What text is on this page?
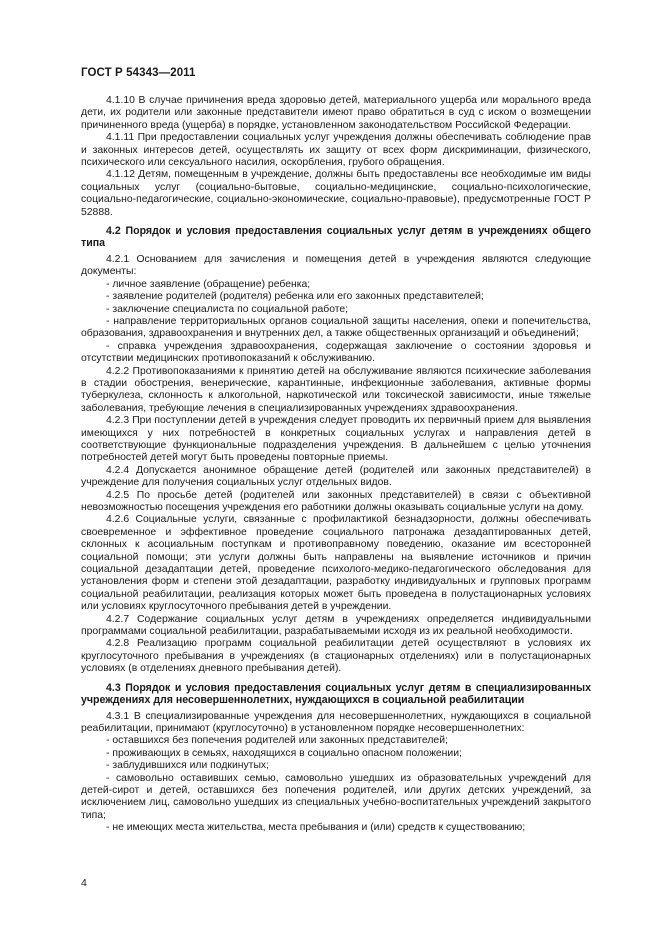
ГОСТ Р 54343—2011

4.1.10 В случае причинения вреда здоровью детей, материального ущерба или морального вреда дети, их родители или законные представители имеют право обратиться в суд с иском о возмещении причиненного вреда (ущерба) в порядке, установленном законодательством Российской Федерации.

4.1.11 При предоставлении социальных услуг учреждения должны обеспечивать соблюдение прав и законных интересов детей, осуществлять их защиту от всех форм дискриминации, физического, психического или сексуального насилия, оскорбления, грубого обращения.

4.1.12 Детям, помещенным в учреждение, должны быть предоставлены все необходимые им виды социальных услуг (социально-бытовые, социально-медицинские, социально-психологические, социально-педагогические, социально-экономические, социально-правовые), предусмотренные ГОСТ Р 52888.

4.2 Порядок и условия предоставления социальных услуг детям в учреждениях общего типа

4.2.1 Основанием для зачисления и помещения детей в учреждения являются следующие документы:

- личное заявление (обращение) ребенка;

- заявление родителей (родителя) ребенка или его законных представителей;

- заключение специалиста по социальной работе;

- направление территориальных органов социальной защиты населения, опеки и попечительства, образования, здравоохранения и внутренних дел, а также общественных организаций и объединений;

- справка учреждения здравоохранения, содержащая заключение о состоянии здоровья и отсутствии медицинских противопоказаний к обслуживанию.

4.2.2 Противопоказаниями к принятию детей на обслуживание являются психические заболевания в стадии обострения, венерические, карантинные, инфекционные заболевания, активные формы туберкулеза, склонность к алкогольной, наркотической или токсической зависимости, иные тяжелые заболевания, требующие лечения в специализированных учреждениях здравоохранения.

4.2.3 При поступлении детей в учреждения следует проводить их первичный прием для выявления имеющихся у них потребностей в конкретных социальных услугах и направления детей в соответствующие функциональные подразделения учреждения. В дальнейшем с целью уточнения потребностей детей могут быть проведены повторные приемы.

4.2.4 Допускается анонимное обращение детей (родителей или законных представителей) в учреждение для получения социальных услуг отдельных видов.

4.2.5 По просьбе детей (родителей или законных представителей) в связи с объективной невозможностью посещения учреждения его работники должны оказывать социальные услуги на дому.

4.2.6 Социальные услуги, связанные с профилактикой безнадзорности, должны обеспечивать своевременное и эффективное проведение социального патронажа дезадаптированных детей, склонных к асоциальным поступкам и противоправному поведению, оказание им всесторонней социальной помощи; эти услуги должны быть направлены на выявление источников и причин социальной дезадаптации детей, проведение психолого-медико-педагогического обследования для установления форм и степени этой дезадаптации, разработку индивидуальных и групповых программ социальной реабилитации, реализация которых может быть проведена в полустационарных условиях или условиях круглосуточного пребывания детей в учреждении.

4.2.7 Содержание социальных услуг детям в учреждениях определяется индивидуальными программами социальной реабилитации, разрабатываемыми исходя из их реальной необходимости.

4.2.8 Реализацию программ социальной реабилитации детей осуществляют в условиях их круглосуточного пребывания в учреждениях (в стационарных отделениях) или в полустационарных условиях (в отделениях дневного пребывания детей).

4.3 Порядок и условия предоставления социальных услуг детям в специализированных учреждениях для несовершеннолетних, нуждающихся в социальной реабилитации

4.3.1 В специализированные учреждения для несовершеннолетних, нуждающихся в социальной реабилитации, принимают (круглосуточно) в установленном порядке несовершеннолетних:

- оставшихся без попечения родителей или законных представителей;

- проживающих в семьях, находящихся в социально опасном положении;

- заблудившихся или подкинутых;

- самовольно оставивших семью, самовольно ушедших из образовательных учреждений для детей-сирот и детей, оставшихся без попечения родителей, или других детских учреждений, за исключением лиц, самовольно ушедших из специальных учебно-воспитательных учреждений закрытого типа;

- не имеющих места жительства, места пребывания и (или) средств к существованию;

4
